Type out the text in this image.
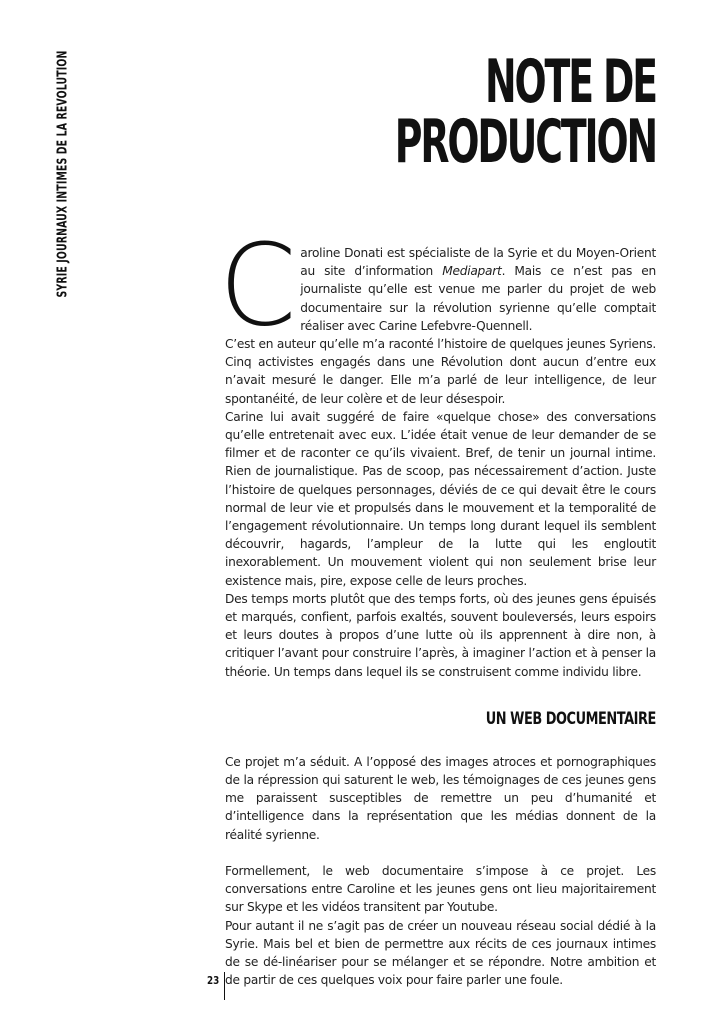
SYRIE JOURNAUX INTIMES DE LA REVOLUTION	NOTE DE
PRODUCTION

Caroline Donati est spécialiste de la Syrie et du Moyen-Orient au site d’information Mediapart. Mais ce n’est pas en journaliste qu’elle est venue me parler du projet de web documentaire sur la révolution syrienne qu’elle comptait réaliser avec Carine Lefebvre-Quennell.

C’est en auteur qu’elle m’a raconté l’histoire de quelques jeunes Syriens. Cinq activistes engagés dans une Révolution dont aucun d’entre eux n’avait mesuré le danger. Elle m’a parlé de leur intelligence, de leur spontanéité, de leur colère et de leur désespoir.

Carine lui avait suggéré de faire «quelque chose» des conversations qu’elle entretenait avec eux. L’idée était venue de leur demander de se filmer et de raconter ce qu’ils vivaient. Bref, de tenir un journal intime. Rien de journalistique. Pas de scoop, pas nécessairement d’action. Juste l’histoire de quelques personnages, déviés de ce qui devait être le cours normal de leur vie et propulsés dans le mouvement et la temporalité de l’engagement révolutionnaire. Un temps long durant lequel ils semblent découvrir, hagards, l’ampleur de la lutte qui les engloutit inexorablement. Un mouvement violent qui non seulement brise leur existence mais, pire, expose celle de leurs proches.

Des temps morts plutôt que des temps forts, où des jeunes gens épuisés et marqués, confient, parfois exaltés, souvent bouleversés, leurs espoirs et leurs doutes à propos d’une lutte où ils apprennent à dire non, à critiquer l’avant pour construire l’après, à imaginer l’action et à penser la théorie. Un temps dans lequel ils se construisent comme individu libre.

UN WEB DOCUMENTAIRE

Ce projet m’a séduit. A l’opposé des images atroces et pornographiques de la répression qui saturent le web, les témoignages de ces jeunes gens me paraissent susceptibles de remettre un peu d’humanité et d’intelligence dans la représentation que les médias donnent de la réalité syrienne.

Formellement, le web documentaire s’impose à ce projet. Les conversations entre Caroline et les jeunes gens ont lieu majoritairement sur Skype et les vidéos transitent par Youtube.

Pour autant il ne s’agit pas de créer un nouveau réseau social dédié à la Syrie. Mais bel et bien de permettre aux récits de ces journaux intimes de se dé-linéariser pour se mélanger et se répondre. Notre ambition et de partir de ces quelques voix pour faire parler une foule.

23
